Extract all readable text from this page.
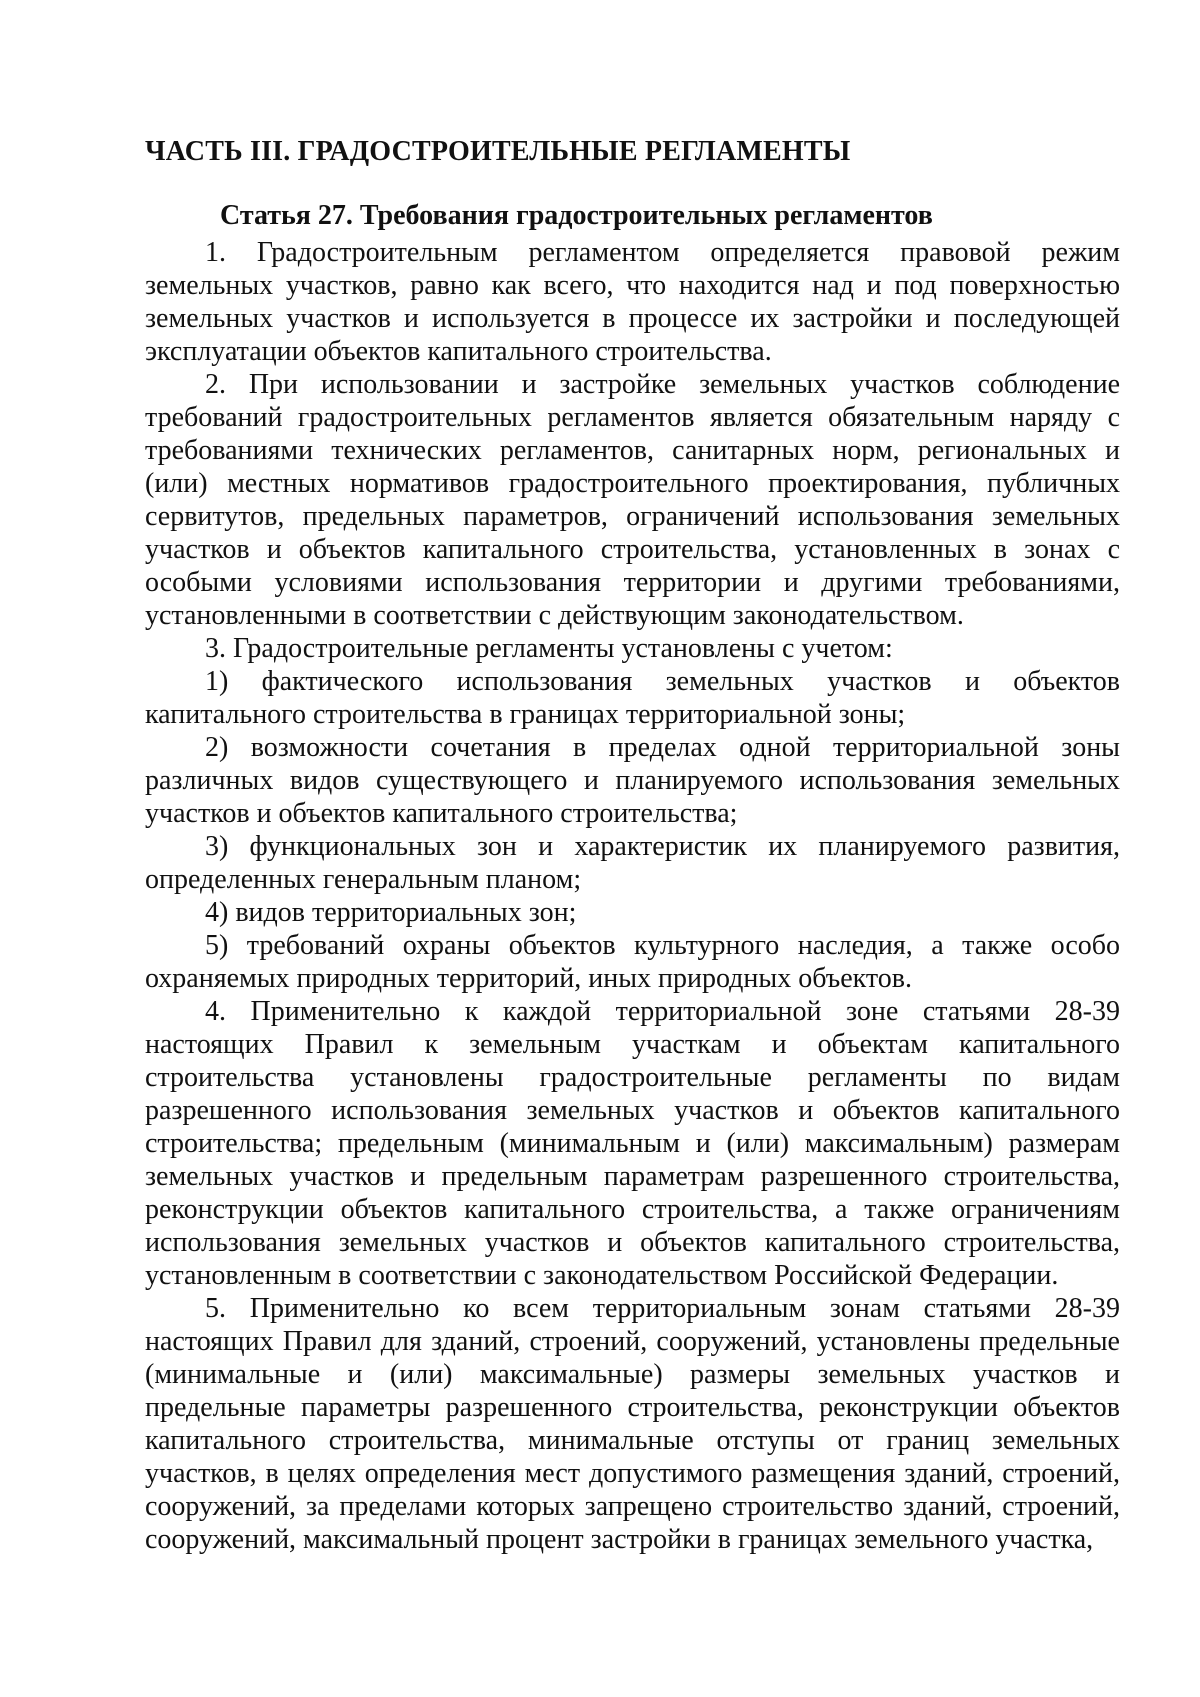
ЧАСТЬ III. ГРАДОСТРОИТЕЛЬНЫЕ РЕГЛАМЕНТЫ
Статья 27. Требования градостроительных регламентов

1. Градостроительным регламентом определяется правовой режим земельных участков, равно как всего, что находится над и под поверхностью земельных участков и используется в процессе их застройки и последующей эксплуатации объектов капитального строительства.

2. При использовании и застройке земельных участков соблюдение требований градостроительных регламентов является обязательным наряду с требованиями технических регламентов, санитарных норм, региональных и (или) местных нормативов градостроительного проектирования, публичных сервитутов, предельных параметров, ограничений использования земельных участков и объектов капитального строительства, установленных в зонах с особыми условиями использования территории и другими требованиями, установленными в соответствии с действующим законодательством.

3. Градостроительные регламенты установлены с учетом:

1) фактического использования земельных участков и объектов капитального строительства в границах территориальной зоны;

2) возможности сочетания в пределах одной территориальной зоны различных видов существующего и планируемого использования земельных участков и объектов капитального строительства;

3) функциональных зон и характеристик их планируемого развития, определенных генеральным планом;

4) видов территориальных зон;

5) требований охраны объектов культурного наследия, а также особо охраняемых природных территорий, иных природных объектов.

4. Применительно к каждой территориальной зоне статьями 28-39 настоящих Правил к земельным участкам и объектам капитального строительства установлены градостроительные регламенты по видам разрешенного использования земельных участков и объектов капитального строительства; предельным (минимальным и (или) максимальным) размерам земельных участков и предельным параметрам разрешенного строительства, реконструкции объектов капитального строительства, а также ограничениям использования земельных участков и объектов капитального строительства, установленным в соответствии с законодательством Российской Федерации.

5. Применительно ко всем территориальным зонам статьями 28-39 настоящих Правил для зданий, строений, сооружений, установлены предельные (минимальные и (или) максимальные) размеры земельных участков и предельные параметры разрешенного строительства, реконструкции объектов капитального строительства, минимальные отступы от границ земельных участков, в целях определения мест допустимого размещения зданий, строений, сооружений, за пределами которых запрещено строительство зданий, строений, сооружений, максимальный процент застройки в границах земельного участка,
